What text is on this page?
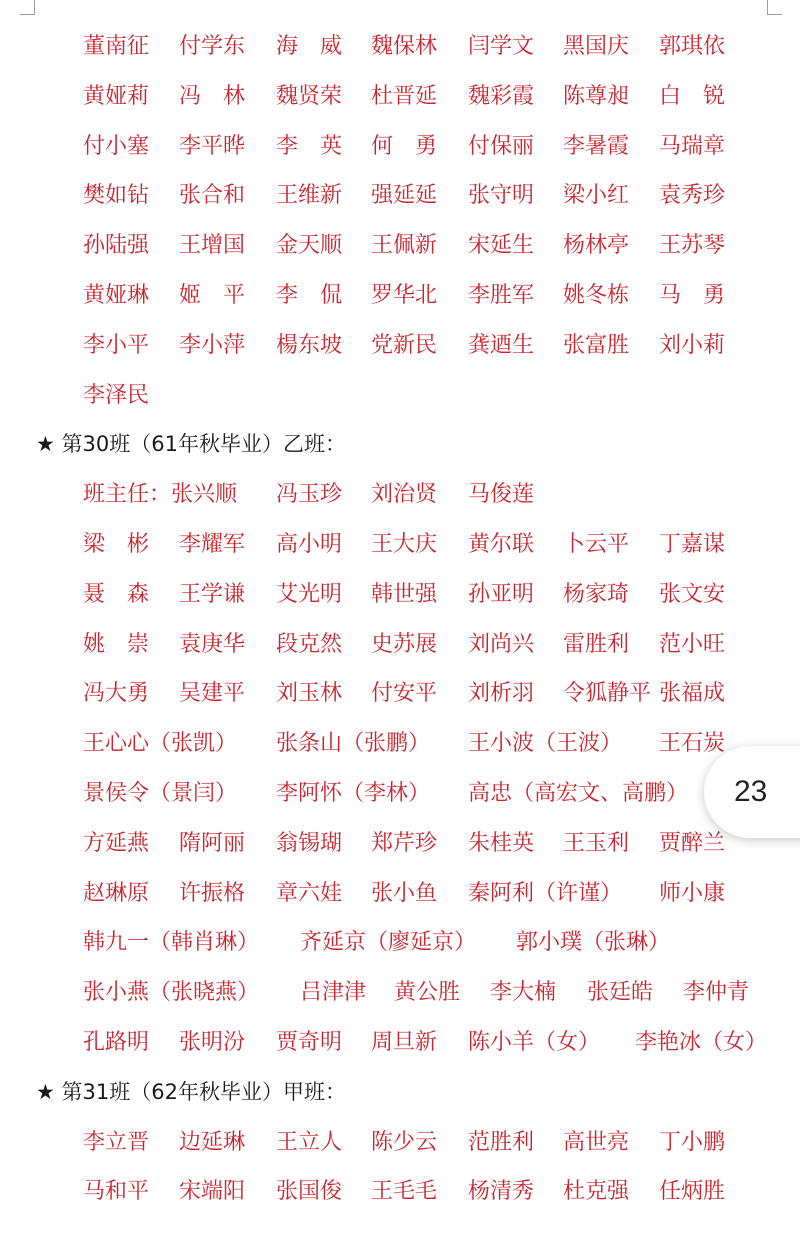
董南征 付学东 海　威 魏保林 闫学文 黑国庆 郭琪依
黄娅莉 冯　林 魏贤荣 杜晋延 魏彩霞 陈尊昶 白　锐
付小塞 李平晔 李　英 何　勇 付保丽 李暑霞 马瑞章
樊如钻 张合和 王维新 强延延 张守明 梁小红 袁秀珍
孙陆强 王增国 金天顺 王佩新 宋延生 杨林亭 王苏琴
黄娅琳 姬　平 李　侃 罗华北 李胜军 姚冬栋 马　勇
李小平 李小萍 楊东坡 党新民 龚迺生 张富胜 刘小莉
李泽民
★ 第30班（61年秋毕业）乙班：
班主任：张兴顺 冯玉珍 刘治贤 马俊莲
梁　彬 李耀军 高小明 王大庆 黄尔联 卜云平 丁嘉谋
聂　森 王学谦 艾光明 韩世强 孙亚明 杨家琦 张文安
姚　崇 袁庚华 段克然 史苏展 刘尚兴 雷胜利 范小旺
冯大勇 吴建平 刘玉林 付安平 刘析羽 令狐静平 张福成
王心心（张凯） 张条山（张鹏） 王小波（王波） 王石炭
景侯令（景闫） 李阿怀（李林） 高忠（高宏文、高鹏）
方延燕 隋阿丽 翁锡瑚 郑芹珍 朱桂英 王玉利 贾醉兰
赵琳原 许振格 章六娃 张小鱼 秦阿利（许谨） 师小康
韩九一（韩肖琳） 齐延京（廖延京） 郭小璞（张琳）
张小燕（张晓燕） 吕津津 黄公胜 李大楠 张廷皓 李仲青
孔路明 张明汾 贾奇明 周旦新 陈小羊（女） 李艳冰（女）
★ 第31班（62年秋毕业）甲班：
李立晋 边延琳 王立人 陈少云 范胜利 高世亮 丁小鹏
马和平 宋端阳 张国俊 王毛毛 杨清秀 杜克强 任炳胜
23
